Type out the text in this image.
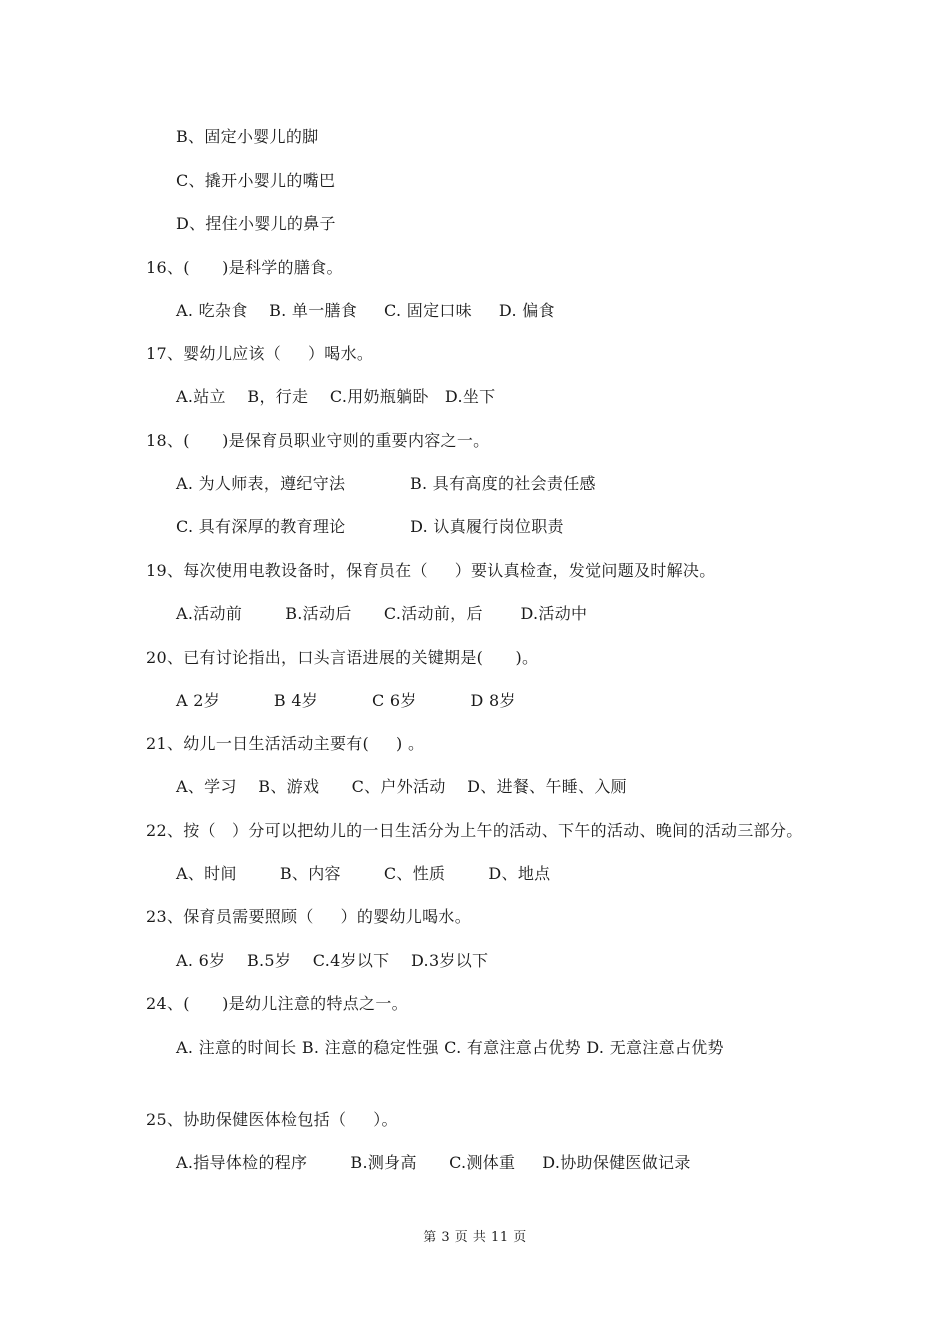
B、固定小婴儿的脚
C、撬开小婴儿的嘴巴
D、捏住小婴儿的鼻子
16、(      )是科学的膳食。
A. 吃杂食    B. 单一膳食     C. 固定口味     D. 偏食
17、婴幼儿应该（     ）喝水。
A.站立    B，行走    C.用奶瓶躺卧   D.坐下
18、(      )是保育员职业守则的重要内容之一。
A. 为人师表，遵纪守法            B. 具有高度的社会责任感
C. 具有深厚的教育理论            D. 认真履行岗位职责
19、每次使用电教设备时，保育员在（     ）要认真检查，发觉问题及时解决。
A.活动前        B.活动后      C.活动前，后       D.活动中
20、已有讨论指出，口头言语进展的关键期是(      )。
A 2岁          B 4岁          C 6岁          D 8岁
21、幼儿一日生活活动主要有(     ) 。
A、学习    B、游戏      C、户外活动    D、进餐、午睡、入厕
22、按（   ）分可以把幼儿的一日生活分为上午的活动、下午的活动、晚间的活动三部分。
A、时间        B、内容        C、性质        D、地点
23、保育员需要照顾（     ）的婴幼儿喝水。
A. 6岁    B.5岁    C.4岁以下    D.3岁以下
24、(      )是幼儿注意的特点之一。
A. 注意的时间长 B. 注意的稳定性强 C. 有意注意占优势 D. 无意注意占优势
25、协助保健医体检包括（     ）。
A.指导体检的程序        B.测身高      C.测体重     D.协助保健医做记录
第 3 页 共 11 页
